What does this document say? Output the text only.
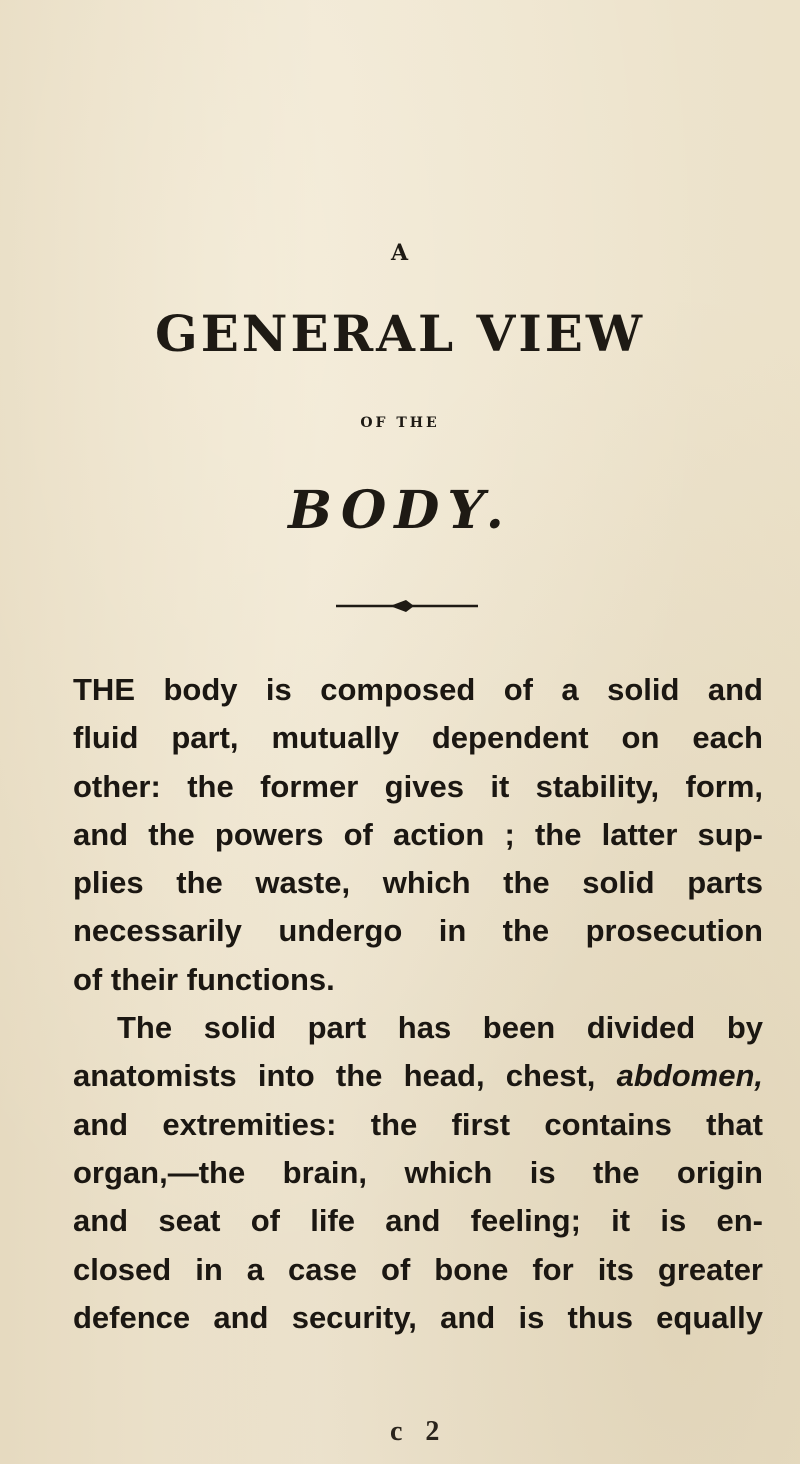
A
GENERAL VIEW
OF THE
BODY.
THE body is composed of a solid and
fluid part, mutually dependent on each
other: the former gives it stability, form,
and the powers of action ; the latter sup-
plies the waste, which the solid parts
necessarily undergo in the prosecution
of their functions.
The solid part has been divided by
anatomists into the head, chest, abdomen,
and extremities: the first contains that
organ,—the brain, which is the origin
and seat of life and feeling; it is en-
closed in a case of bone for its greater
defence and security, and is thus equally
c 2
